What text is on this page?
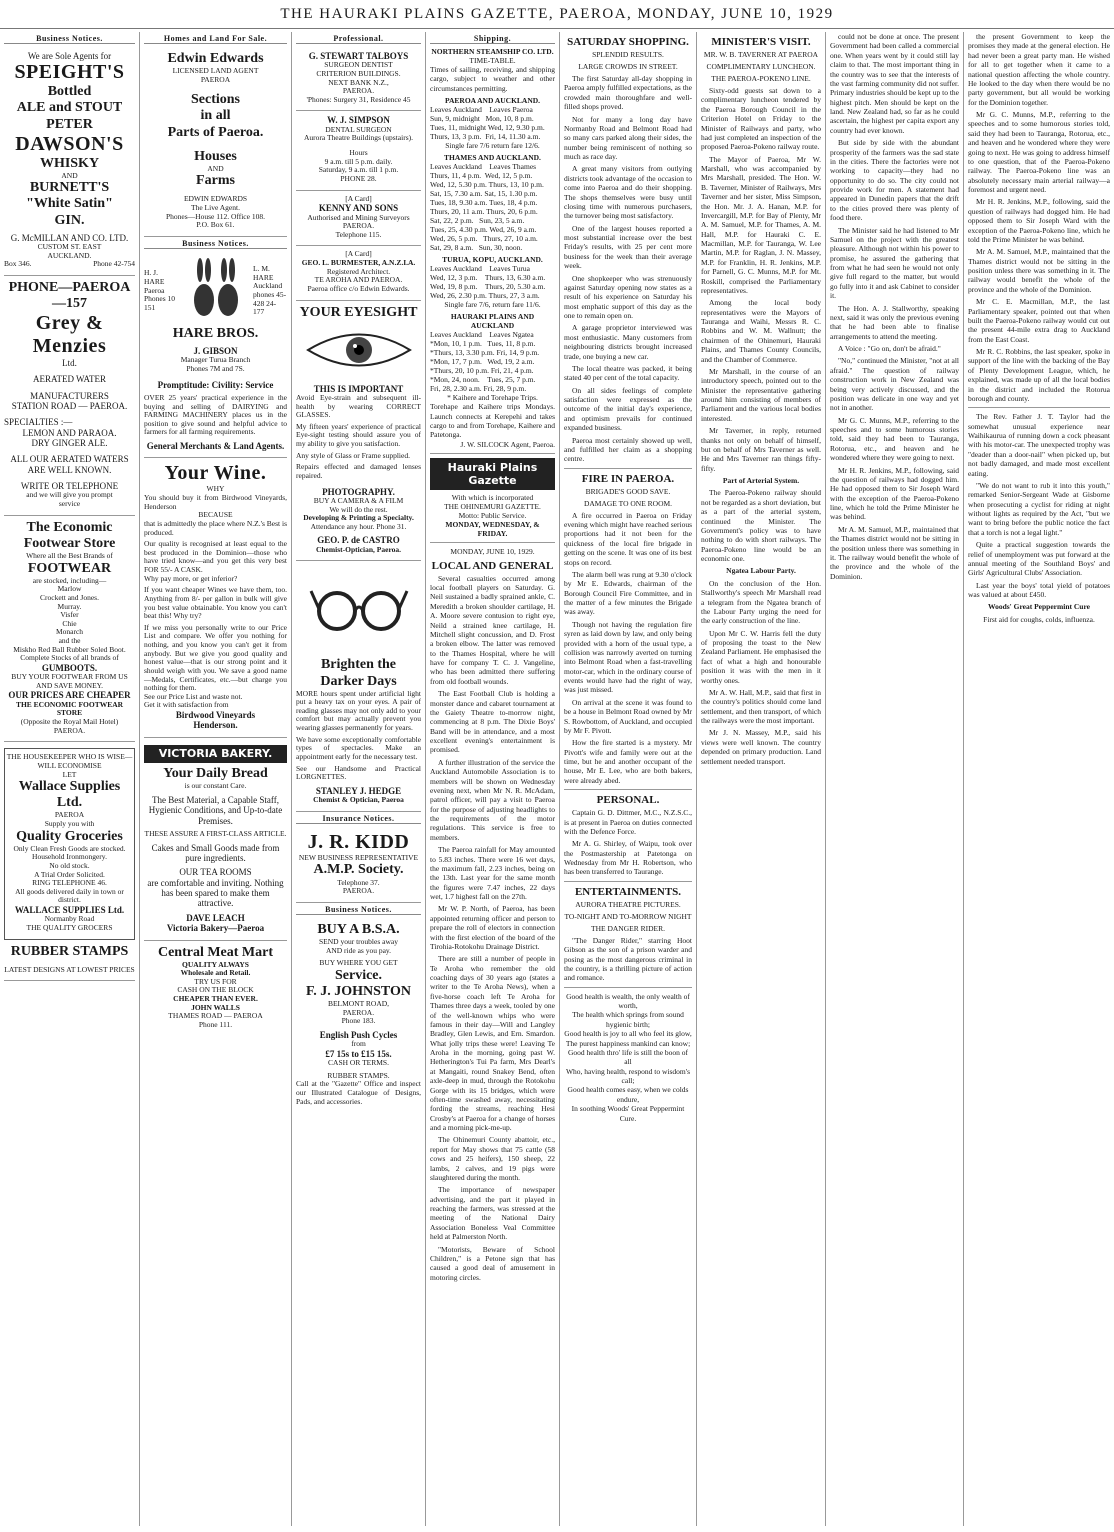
THE HAURAKI PLAINS GAZETTE, PAEROA, MONDAY, JUNE 10, 1929
Business Notices.
We are Sole Agents for
SPEIGHT'S
Bottled
ALE and STOUT
PETER
DAWSON'S
WHISKY
AND
BURNETT'S
"White Satin"
GIN.
G. McMILLAN AND CO. LTD.
CUSTOM ST. EAST
AUCKLAND.
Box 346.	Phone 42-754
PHONE—PAEROA —157
Grey & Menzies
Ltd.
AERATED WATER
MANUFACTURERS
STATION ROAD — PAEROA.
SPECIALTIES :—
LEMON AND PARAOA.
DRY GINGER ALE.
ALL OUR AERATED WATERS
ARE WELL KNOWN.
WRITE OR TELEPHONE
and we will give you prompt
service
The Economic Footwear Store
Where all the Best Brands of
FOOTWEAR
are stocked, including—
Marlow
Crockett and Jones.
Murray.
Visfer
Chie
Monarch
and the
Miskho Red Ball Rubber Soled Boot.
Complete Stocks of all brands of
GUMBOOTS.
BUY YOUR FOOTWEAR FROM US AND SAVE MONEY.
OUR PRICES ARE CHEAPER
THE ECONOMIC FOOTWEAR STORE
(Opposite the Royal Mail Hotel)
PAEROA.
THE HOUSEKEEPER WHO IS WISE—
WILL ECONOMISE
LET
Wallace Supplies Ltd.
PAEROA
Supply you with
Quality Groceries
Only Clean Fresh Goods are stocked.
Household Ironmongery.
No old stock.
A Trial Order Solicited.
RING TELEPHONE 46.
All goods delivered daily in town or district.
WALLACE SUPPLIES Ltd.
Normanby Road
THE QUALITY GROCERS
RUBBER STAMPS
LATEST DESIGNS AT LOWEST PRICES
Homes and Land For Sale.
Edwin Edwards
LICENSED LAND AGENT
PAEROA
Sections
in all
Parts of Paeroa.
Houses
AND
Farms
EDWIN EDWARDS
The Live Agent.
Phones—House 112. Office 108.
P.O. Box 61.
Business Notices.
H. J. HARE Paeroa Phones 10 151
L. M. HARE Auckland phones 45-428 24-177
HARE BROS.
J. GIBSON
Manager Turua Branch
Phones 7M and 7S.
Promptitude: Civility: Service
OVER 25 years' practical experience in the buying and selling of DAIRYING and FARMING MACHINERY places us in the position to give sound and helpful advice to farmers for all farming requirements.
General Merchants & Land Agents.
Your Wine.
WHY
You should buy it from Birdwood Vineyards, Henderson
BECAUSE
that is admittedly the place where N.Z.'s Best is produced.
Our quality is recognised at least equal to the best produced in the Dominion—those who have tried know—and you get this very best FOR 55/- A CASK.
Why pay more, or get inferior?
If you want cheaper Wines we have them, too. Anything from 8/- per gallon in bulk will give you best value obtainable. You know you can't beat this! Why try?
If we miss you personally write to our Price List and compare. We offer you nothing for nothing, and you know you can't get it from anybody. But we give you good quality and honest value—that is our strong point and it should weigh with you. We save a good name—Medals, Certificates, etc.—but charge you nothing for them.
See our Price List and waste not.
Get it with satisfaction from
Birdwood Vineyards
Henderson.
VICTORIA BAKERY.
Your Daily Bread
is our constant Care.
The Best Material, a Capable Staff, Hygienic Conditions, and Up-to-date Premises.
THESE ASSURE A FIRST-CLASS ARTICLE.
Cakes and Small Goods made from pure ingredients.
OUR TEA ROOMS
are comfortable and inviting. Nothing has been spared to make them attractive.
DAVE LEACH
Victoria Bakery—Paeroa
Central Meat Mart
QUALITY ALWAYS
Wholesale and Retail.
TRY US FOR
CASH ON THE BLOCK
CHEAPER THAN EVER.
JOHN WALLS
THAMES ROAD — PAEROA
Phone 111.
Professional.
G. STEWART TALBOYS
SURGEON DENTIST
CRITERION BUILDINGS.
NEXT BANK N.Z.,
PAEROA.
'Phones: Surgery 31, Residence 45
W. J. SIMPSON
DENTAL SURGEON
Aurora Theatre Buildings (upstairs).
Hours
9 a.m. till 5 p.m. daily.
Saturday, 9 a.m. till 1 p.m.
PHONE 28.
[A Card]
KENNY AND SONS
Authorised and Mining Surveyors
PAEROA.
Telephone 115.
[A Card]
GEO. L. BURMESTER, A.N.Z.I.A.
Registered Architect.
TE AROHA AND PAEROA.
Paeroa office c/o Edwin Edwards.
YOUR EYESIGHT
THIS IS IMPORTANT
Avoid Eye-strain and subsequent ill-health by wearing CORRECT GLASSES.
My fifteen years' experience of practical Eye-sight testing should assure you of my ability to give you satisfaction.
Any style of Glass or Frame supplied.
Repairs effected and damaged lenses repaired.
PHOTOGRAPHY.
BUY A CAMERA & A FILM
We will do the rest.
Developing & Printing a Specialty.
Attendance any hour. Phone 31.
GEO. P. de CASTRO
Chemist-Optician, Paeroa.
Brighten the
Darker Days
MORE hours spent under artificial light put a heavy tax on your eyes. A pair of reading glasses may not only add to your comfort but may actually prevent you wearing glasses permanently for years.
We have some exceptionally comfortable types of spectacles. Make an appointment early for the necessary test.
See our Handsome and Practical LORGNETTES.
STANLEY J. HEDGE
Chemist & Optician, Paeroa
Insurance Notices.
J. R. KIDD
NEW BUSINESS REPRESENTATIVE
A.M.P. Society.
Telephone 37.
PAEROA.
Business Notices.
BUY A B.S.A.
SEND your troubles away
AND ride as you pay.
BUY WHERE YOU GET
Service.
F. J. JOHNSTON
BELMONT ROAD,
PAEROA.
Phone 183.
English Push Cycles
from
£7 15s to £15 15s.
CASH OR TERMS.
RUBBER STAMPS.
Call at the "Gazette" Office and inspect our Illustrated Catalogue of Designs, Pads, and accessories.
Shipping.
NORTHERN STEAMSHIP CO. LTD.
TIME-TABLE.
Times of sailing, receiving, and shipping cargo, subject to weather and other circumstances permitting.
PAEROA AND AUCKLAND.
Leaves Auckland    Leaves Paeroa
Sun, 9, midnight   Mon, 10, 8 p.m.
Tues, 11, midnight Wed, 12, 9.30 p.m.
Thurs, 13, 3 p.m.  Fri, 14, 11.30 a.m.
Single fare 7/6 return fare 12/6.
THAMES AND AUCKLAND.
Leaves Auckland    Leaves Thames
Thurs, 11, 4 p.m.  Wed, 12, 5 p.m.
Wed, 12, 5.30 p.m. Thurs, 13, 10 p.m.
Sat, 15, 7.30 a.m. Sat, 15, 1.30 p.m.
Tues, 18, 9.30 a.m. Tues, 18, 4 p.m.
Thurs, 20, 11 a.m. Thurs, 20, 6 p.m.
Sat, 22, 2 p.m.   Sun, 23, 5 a.m.
Tues, 25, 4.30 p.m. Wed, 26, 9 a.m.
Wed, 26, 5 p.m.   Thurs, 27, 10 a.m.
Sat, 29, 8 a.m.   Sun, 30, noon.
TURUA, KOPU, AUCKLAND.
Leaves Auckland    Leaves Turua
Wed, 12, 3 p.m.    Thurs, 13, 6.30 a.m.
Wed, 19, 8 p.m.    Thurs, 20, 5.30 a.m.
Wed, 26, 2.30 p.m. Thurs, 27, 3 a.m.
Single fare 7/6, return fare 11/6.
HAURAKI PLAINS AND AUCKLAND
Leaves Auckland    Leaves Ngatea
*Mon, 10, 1 p.m.   Tues, 11, 8 p.m.
*Thurs, 13, 3.30 p.m. Fri, 14, 9 p.m.
*Mon, 17, 7 p.m.   Wed, 19, 2 a.m.
*Thurs, 20, 10 p.m. Fri, 21, 4 p.m.
*Mon, 24, noon.    Tues, 25, 7 p.m.
Fri, 28, 2.30 a.m. Fri, 28, 9 p.m.
* Kaihere and Torehape Trips.
Torehape and Kaihere trips Mondays. Launch connects at Kerepehi and takes cargo to and from Torehape, Kaihere and Patetonga.
J. W. SILCOCK Agent, Paeroa.
Hauraki Plains Gazette
With which is incorporated
THE OHINEMURI GAZETTE.
Motto: Public Service.
MONDAY, WEDNESDAY, & FRIDAY.
MONDAY, JUNE 10, 1929.
LOCAL AND GENERAL

Several casualties occurred among local football players on Saturday. G. Neil sustained a badly sprained ankle, C. Meredith a broken shoulder cartilage, H. A. Moore severe contusion to right eye, Neild a strained knee cartilage, H. Mitchell slight concussion, and D. Frost a broken elbow. The latter was removed to the Thames Hospital, where he will have for company T. C. J. Vangeline, who has been admitted there suffering from old football wounds.

The East Football Club is holding a monster dance and cabaret tournament at the Gaiety Theatre to-morrow night, commencing at 8 p.m. The Dixie Boys' Band will be in attendance, and a most excellent evening's entertainment is promised.

A further illustration of the service the Auckland Automobile Association is to members will be shown on Wednesday evening next, when Mr N. R. McAdam, patrol officer, will pay a visit to Paeroa for the purpose of adjusting headlights to the requirements of the motor regulations. This service is free to members.

The Paeroa rainfall for May amounted to 5.83 inches. There were 16 wet days, the maximum fall, 2.23 inches, being on the 13th. Last year for the same month the figures were 7.47 inches, 22 days wet, 1.7 highest fall on the 27th.

Mr W. P. North, of Paeroa, has been appointed returning officer and person to prepare the roll of electors in connection with the first election of the board of the Tirohia-Rotokohu Drainage District.

There are still a number of people in Te Aroha who remember the old coaching days of 30 years ago (states a writer to the Te Aroha News), when a five-horse coach left Te Aroha for Thames three days a week, tooled by one of the well-known whips who were famous in their day—Will and Langley Bradley, Glen Lewis, and Ern. Smardon. What jolly trips these were! Leaving Te Aroha in the morning, going past W. Hetherington's Tui Pa farm, Mrs Dearl's at Mangaiti, round Snakey Bend, often axle-deep in mud, through the Rotokohu Gorge with its 15 bridges, which were often-time swashed away, necessitating fording the streams, reaching Hesi Crosby's at Paeroa for a change of horses and a morning pick-me-up.

The Ohinemuri County abattoir, etc., report for May shows that 75 cattle (58 cows and 25 heifers), 150 sheep, 22 lambs, 2 calves, and 19 pigs were slaughtered during the month.

The importance of newspaper advertising, and the part it played in reaching the farmers, was stressed at the meeting of the National Dairy Association Boneless Veal Committee held at Palmerston North.

"Motorists, Beware of School Children," is a Petone sign that has caused a good deal of amusement in motoring circles.

SATURDAY SHOPPING.
SPLENDID RESULTS.
LARGE CROWDS IN STREET.

The first Saturday all-day shopping in Paeroa amply fulfilled expectations, as the crowded main thoroughfare and well-filled shops proved.

Not for many a long day have Normanby Road and Belmont Road had so many cars parked along their sides, the number being reminiscent of nothing so much as race day.

A great many visitors from outlying districts took advantage of the occasion to come into Paeroa and do their shopping. The shops themselves were busy until closing time with numerous purchasers, the turnover being most satisfactory.

One of the largest houses reported a most substantial increase over the best Friday's results, with 25 per cent more business for the week than their average week.

One shopkeeper who was strenuously against Saturday opening now states as a result of his experience on Saturday his most emphatic support of this day as the one to remain open on.

A garage proprietor interviewed was most enthusiastic. Many customers from neighbouring districts brought increased trade, one buying a new car.

The local theatre was packed, it being stated 40 per cent of the total capacity.

On all sides feelings of complete satisfaction were expressed as the outcome of the initial day's experience, and optimism prevails for continued expanded business.

Paeroa most certainly showed up well, and fulfilled her claim as a shopping centre.

FIRE IN PAEROA.
BRIGADE'S GOOD SAVE.
DAMAGE TO ONE ROOM.

A fire occurred in Paeroa on Friday evening which might have reached serious proportions had it not been for the quickness of the local fire brigade in getting on the scene. It was one of its best stops on record.

The alarm bell was rung at 9.30 o'clock by Mr E. Edwards, chairman of the Borough Council Fire Committee, and in the matter of a few minutes the Brigade was away.

Though not having the regulation fire syren as laid down by law, and only being provided with a horn of the usual type, a collision was narrowly averted on turning into Belmont Road when a fast-travelling motor-car, which in the ordinary course of events would have had the right of way, was just missed.

On arrival at the scene it was found to be a house in Belmont Road owned by Mr S. Rowbottom, of Auckland, and occupied by Mr F. Pivott.

How the fire started is a mystery. Mr Pivott's wife and family were out at the time, but he and another occupant of the house, Mr E. Lee, who are both bakers, were already abed.

PERSONAL.

Captain G. D. Dittmer, M.C., N.Z.S.C., is at present in Paeroa on duties connected with the Defence Force.

Mr A. G. Shirley, of Waipu, took over the Postmastership at Patetonga on Wednesday from Mr H. Robertson, who has been transferred to Taurange.

ENTERTAINMENTS.
AURORA THEATRE PICTURES.
TO-NIGHT AND TO-MORROW NIGHT
THE DANGER RIDER.

"The Danger Rider," starring Hoot Gibson as the son of a prison warder and posing as the most dangerous criminal in the country, is a thrilling picture of action and romance.

Good health is wealth, the only wealth of worth,
The health which springs from sound hygienic birth;
Good health is joy to all who feel its glow,
The purest happiness mankind can know;
Good health thro' life is still the boon of all
Who, having health, respond to wisdom's call;
Good health comes easy, when we colds endure,
In soothing Woods' Great Peppermint Cure.
MINISTER'S VISIT.
MR. W. B. TAVERNER AT PAEROA
COMPLIMENTARY LUNCHEON.
THE PAEROA-POKENO LINE.

Sixty-odd guests sat down to a complimentary luncheon tendered by the Paeroa Borough Council in the Criterion Hotel on Friday to the Minister of Railways and party, who had just completed an inspection of the proposed Paeroa-Pokeno railway route.

The Mayor of Paeroa, Mr W. Marshall, who was accompanied by Mrs Marshall, presided. The Hon. W. B. Taverner, Minister of Railways, Mrs Taverner and her sister, Miss Simpson, the Hon. Mr. J. A. Hanan, M.P. for Invercargill, M.P. for Bay of Plenty, Mr A. M. Samuel, M.P. for Thames, A. M. Hall, M.P. for Hauraki C. E. Macmillan, M.P. for Tauranga, W. Lee Martin, M.P. for Raglan, J. N. Massey, M.P. for Franklin, H. R. Jenkins, M.P. for Parnell, G. C. Munns, M.P. for Mt. Roskill, comprised the Parliamentary representatives.

Among the local body representatives were the Mayors of Tauranga and Waihi, Messrs R. C. Robbins and W. M. Wallnutt; the chairmen of the Ohinemuri, Hauraki Plains, and Thames County Councils, and the Chamber of Commerce.

Mr Marshall, in the course of an introductory speech, pointed out to the Minister the representative gathering around him consisting of members of Parliament and the various local bodies interested.

Mr Taverner, in reply, returned thanks not only on behalf of himself, but on behalf of Mrs Taverner as well. He and Mrs Taverner ran things fifty-fifty.

Part of Arterial System.

The Paeroa-Pokeno railway should not be regarded as a short deviation, but as a part of the arterial system, continued the Minister. The Government's policy was to have nothing to do with short railways. The Paeroa-Pokeno line would be an economic one.

Ngatea Labour Party.

On the conclusion of the Hon. Stallworthy's speech Mr Marshall read a telegram from the Ngatea branch of the Labour Party urging the need for the early construction of the line.

Upon Mr C. W. Harris fell the duty of proposing the toast to the New Zealand Parliament. He emphasised the fact of what a high and honourable position it was with the men in it worthy ones.

Mr A. W. Hall, M.P., said that first in the country's politics should come land settlement, and then transport, of which the railways were the most important.

Mr J. N. Massey, M.P., said his views were well known. The country depended on primary production. Land settlement needed transport.

could not be done at once. The present Government had been called a commercial one. When years went by it could still lay claim to that. The most important thing in the country was to see that the interests of the vast farming community did not suffer. Primary industries should be kept up to the highest pitch. Men should be kept on the land. New Zealand had, so far as he could ascertain, the highest per capita export any country had ever known.

But side by side with the abundant prosperity of the farmers was the sad state in the cities. There the factories were not working to capacity—they had no opportunity to do so. The city could not provide work for men. A statement had appeared in Dunedin papers that the drift to the cities proved there was plenty of food there.

The Minister said he had listened to Mr Samuel on the project with the greatest pleasure. Although not within his power to promise, he assured the gathering that from what he had seen he would not only give full regard to the matter, but would go fully into it and ask Cabinet to consider it.

The Hon. A. J. Stallworthy, speaking next, said it was only the previous evening that he had been able to finalise arrangements to attend the meeting.

A Voice : "Go on, don't be afraid."

"No," continued the Minister, "not at all afraid." The question of railway construction work in New Zealand was being very actively discussed, and the position was delicate in one way and yet not in another.

Mr G. C. Munns, M.P., referring to the speeches and to some humorous stories told, said they had been to Tauranga, Rotorua, etc., and heaven and he wondered where they were going to next.

Mr H. R. Jenkins, M.P., following, said the question of railways had dogged him. He had opposed them to Sir Joseph Ward with the exception of the Paeroa-Pokeno line, which he told the Prime Minister he was behind.

Mr A. M. Samuel, M.P., maintained that the Thames district would not be sitting in the position unless there was something in it. The railway would benefit the whole of the province and the whole of the Dominion.

the present Government to keep the promises they made at the general election. He had never been a great party man. He wished for all to get together when it came to a national question affecting the whole country. He looked to the day when there would be no party government, but all would be working for the Dominion together.

Mr G. C. Munns, M.P., referring to the speeches and to some humorous stories told, said they had been to Tauranga, Rotorua, etc., and heaven and he wondered where they were going to next. He was going to address himself to one question, that of the Paeroa-Pokeno railway. The Paeroa-Pokeno line was an absolutely necessary main arterial railway—a foremost and urgent need.

Mr H. R. Jenkins, M.P., following, said the question of railways had dogged him. He had opposed them to Sir Joseph Ward with the exception of the Paeroa-Pokeno line, which he told the Prime Minister he was behind.

Mr A. M. Samuel, M.P., maintained that the Thames district would not be sitting in the position unless there was something in it. The railway would benefit the whole of the province and the whole of the Dominion.

Mr C. E. Macmillan, M.P., the last Parliamentary speaker, pointed out that when built the Paeroa-Pokeno railway would cut out the present 44-mile extra drag to Auckland from the East Coast.

Mr R. C. Robbins, the last speaker, spoke in support of the line with the backing of the Bay of Plenty Development League, which, he explained, was made up of all the local bodies in the district and included the Rotorua borough and county.

The Rev. Father J. T. Taylor had the somewhat unusual experience near Waihikaurua of running down a cock pheasant with his motor-car. The unexpected trophy was "deader than a door-nail" when picked up, but not badly damaged, and made most excellent eating.

"We do not want to rub it into this youth," remarked Senior-Sergeant Wade at Gisborne when prosecuting a cyclist for riding at night without lights as required by the Act, "but we want to bring before the public notice the fact that a torch is not a legal light."

Quite a practical suggestion towards the relief of unemployment was put forward at the annual meeting of the Southland Boys' and Girls' Agricultural Clubs' Association.

Last year the boys' total yield of potatoes was valued at about £450.

Woods' Great Peppermint Cure

First aid for coughs, colds, influenza.
